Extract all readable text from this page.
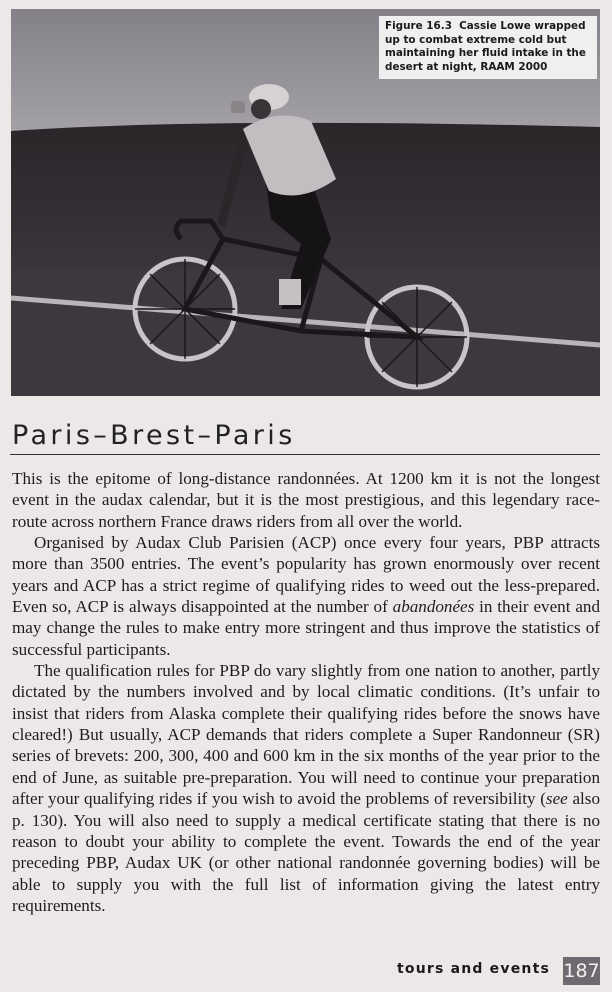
Figure 16.3 Cassie Lowe wrapped up to combat extreme cold but maintaining her fluid intake in the desert at night, RAAM 2000
Paris–Brest–Paris

This is the epitome of long-distance randonnées. At 1200 km it is not the longest event in the audax calendar, but it is the most prestigious, and this legendary race-route across northern France draws riders from all over the world.

Organised by Audax Club Parisien (ACP) once every four years, PBP attracts more than 3500 entries. The event’s popularity has grown enormously over recent years and ACP has a strict regime of qualifying rides to weed out the less-prepared. Even so, ACP is always disappointed at the number of abandonées in their event and may change the rules to make entry more stringent and thus improve the statistics of successful participants.

The qualification rules for PBP do vary slightly from one nation to another, partly dictated by the numbers involved and by local climatic conditions. (It’s unfair to insist that riders from Alaska complete their qualifying rides before the snows have cleared!) But usually, ACP demands that riders complete a Super Randonneur (SR) series of brevets: 200, 300, 400 and 600 km in the six months of the year prior to the end of June, as suitable pre-preparation. You will need to continue your preparation after your qualifying rides if you wish to avoid the problems of reversibility (see also p. 130). You will also need to supply a medical certificate stating that there is no reason to doubt your ability to complete the event. Towards the end of the year preceding PBP, Audax UK (or other national randonnée governing bodies) will be able to supply you with the full list of information giving the latest entry requirements.

tours and events 187
